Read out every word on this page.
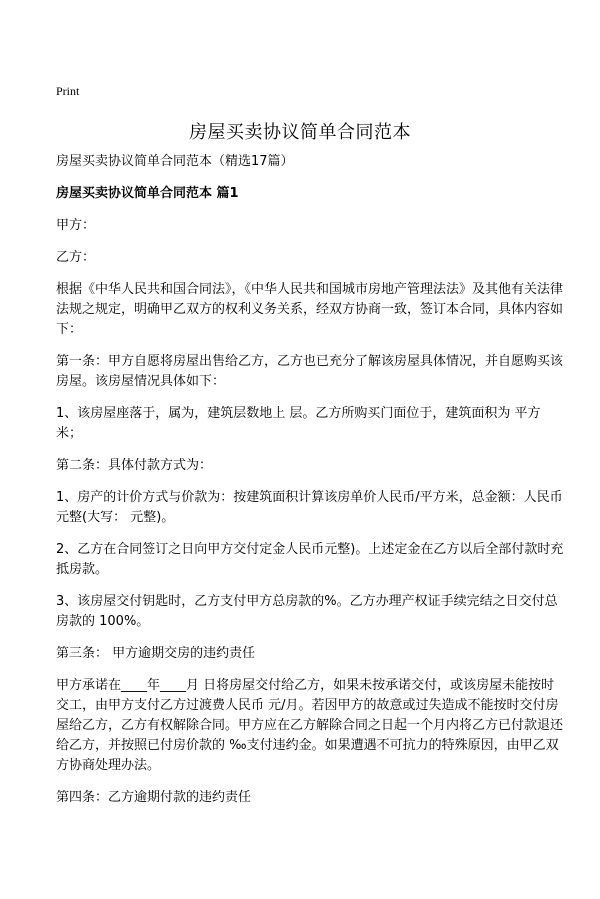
Print
房屋买卖协议简单合同范本

房屋买卖协议简单合同范本（精选17篇）

房屋买卖协议简单合同范本 篇1

甲方：

乙方：

根据《中华人民共和国合同法》，《中华人民共和国城市房地产管理法法》及其他有关法律法规之规定，明确甲乙双方的权利义务关系，经双方协商一致，签订本合同，具体内容如下：

第一条：甲方自愿将房屋出售给乙方，乙方也已充分了解该房屋具体情况，并自愿购买该房屋。该房屋情况具体如下：

1、该房屋座落于，属为，建筑层数地上 层。乙方所购买门面位于，建筑面积为 平方米；

第二条：具体付款方式为：

1、房产的计价方式与价款为：按建筑面积计算该房单价人民币/平方米，总金额：人民币 元整(大写： 元整)。

2、乙方在合同签订之日向甲方交付定金人民币元整)。上述定金在乙方以后全部付款时充抵房款。

3、该房屋交付钥匙时，乙方支付甲方总房款的%。乙方办理产权证手续完结之日交付总房款的 100%。

第三条： 甲方逾期交房的违约责任

甲方承诺在____年____月 日将房屋交付给乙方，如果未按承诺交付，或该房屋未能按时交工，由甲方支付乙方过渡费人民币 元/月。若因甲方的故意或过失造成不能按时交付房屋给乙方，乙方有权解除合同。甲方应在乙方解除合同之日起一个月内将乙方已付款退还给乙方，并按照已付房价款的 ‰支付违约金。如果遭遇不可抗力的特殊原因，由甲乙双方协商处理办法。

第四条：乙方逾期付款的违约责任
